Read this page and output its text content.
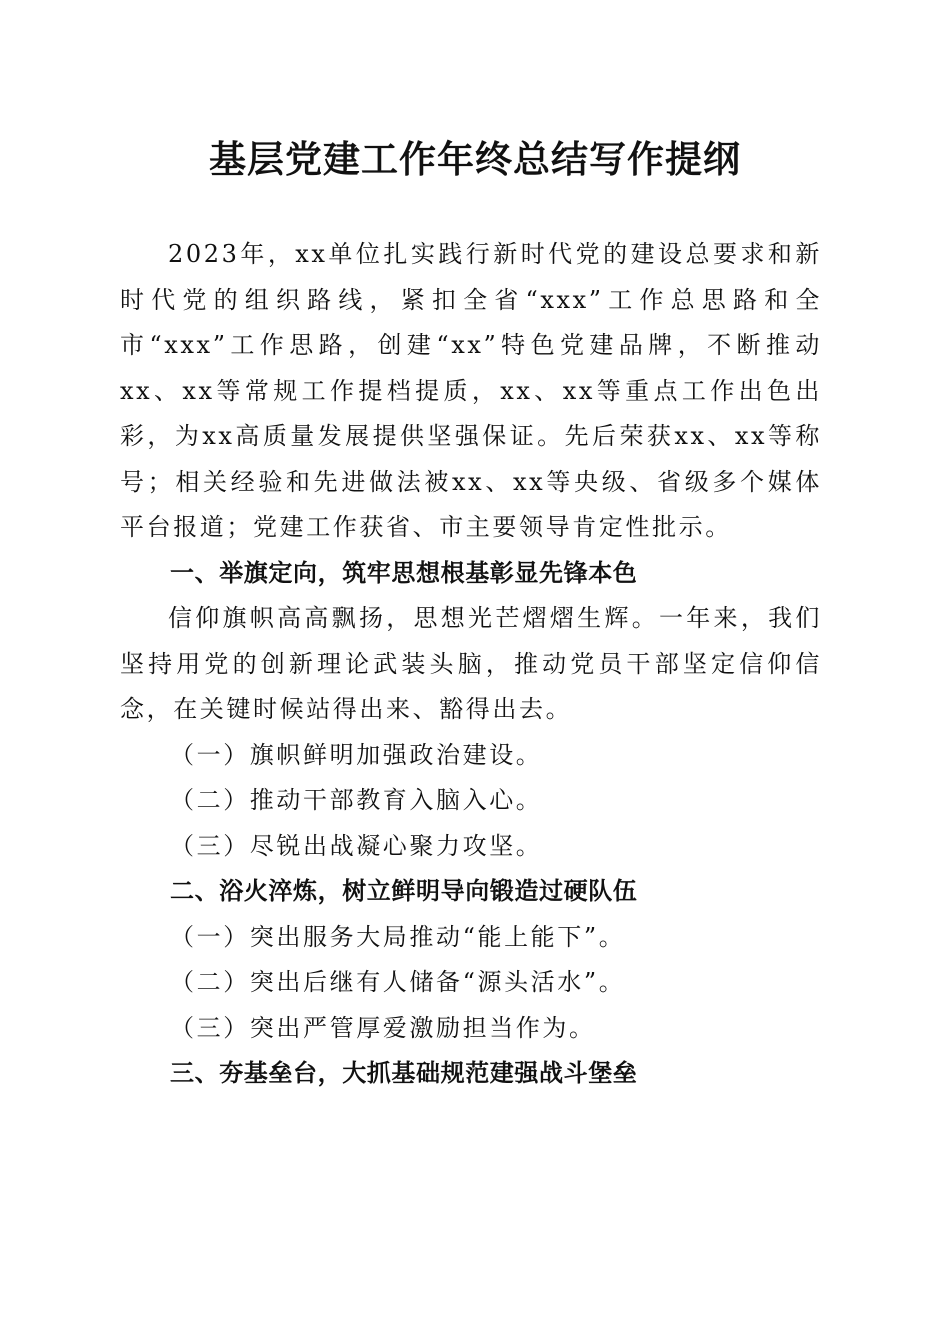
基层党建工作年终总结写作提纲

2023年，xx单位扎实践行新时代党的建设总要求和新时代党的组织路线，紧扣全省“xxx”工作总思路和全市“xxx”工作思路，创建“xx”特色党建品牌，不断推动xx、xx等常规工作提档提质，xx、xx等重点工作出色出彩，为xx高质量发展提供坚强保证。先后荣获xx、xx等称号；相关经验和先进做法被xx、xx等央级、省级多个媒体平台报道；党建工作获省、市主要领导肯定性批示。

一、举旗定向，筑牢思想根基彰显先锋本色

信仰旗帜高高飘扬，思想光芒熠熠生辉。一年来，我们坚持用党的创新理论武装头脑，推动党员干部坚定信仰信念，在关键时候站得出来、豁得出去。

（一）旗帜鲜明加强政治建设。

（二）推动干部教育入脑入心。

（三）尽锐出战凝心聚力攻坚。

二、浴火淬炼，树立鲜明导向锻造过硬队伍

（一）突出服务大局推动“能上能下”。

（二）突出后继有人储备“源头活水”。

（三）突出严管厚爱激励担当作为。

三、夯基垒台，大抓基础规范建强战斗堡垒
